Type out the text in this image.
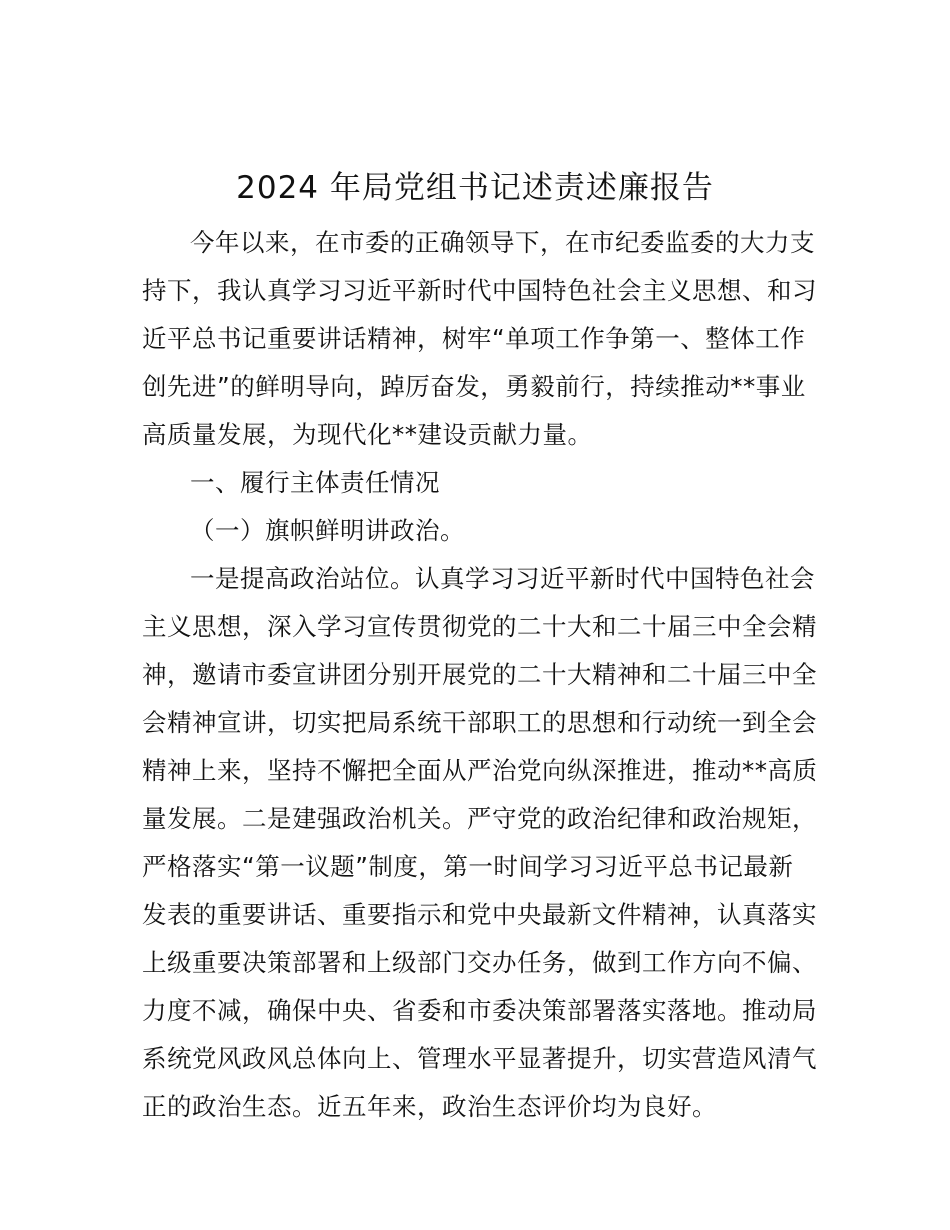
2024 年局党组书记述责述廉报告
今年以来，在市委的正确领导下，在市纪委监委的大力支
持下，我认真学习习近平新时代中国特色社会主义思想、和习
近平总书记重要讲话精神，树牢“单项工作争第一、整体工作
创先进”的鲜明导向，踔厉奋发，勇毅前行，持续推动**事业
高质量发展，为现代化**建设贡献力量。
一、履行主体责任情况
（一）旗帜鲜明讲政治。
一是提高政治站位。认真学习习近平新时代中国特色社会
主义思想，深入学习宣传贯彻党的二十大和二十届三中全会精
神，邀请市委宣讲团分别开展党的二十大精神和二十届三中全
会精神宣讲，切实把局系统干部职工的思想和行动统一到全会
精神上来，坚持不懈把全面从严治党向纵深推进，推动**高质
量发展。二是建强政治机关。严守党的政治纪律和政治规矩，
严格落实“第一议题”制度，第一时间学习习近平总书记最新
发表的重要讲话、重要指示和党中央最新文件精神，认真落实
上级重要决策部署和上级部门交办任务，做到工作方向不偏、
力度不减，确保中央、省委和市委决策部署落实落地。推动局
系统党风政风总体向上、管理水平显著提升，切实营造风清气
正的政治生态。近五年来，政治生态评价均为良好。
